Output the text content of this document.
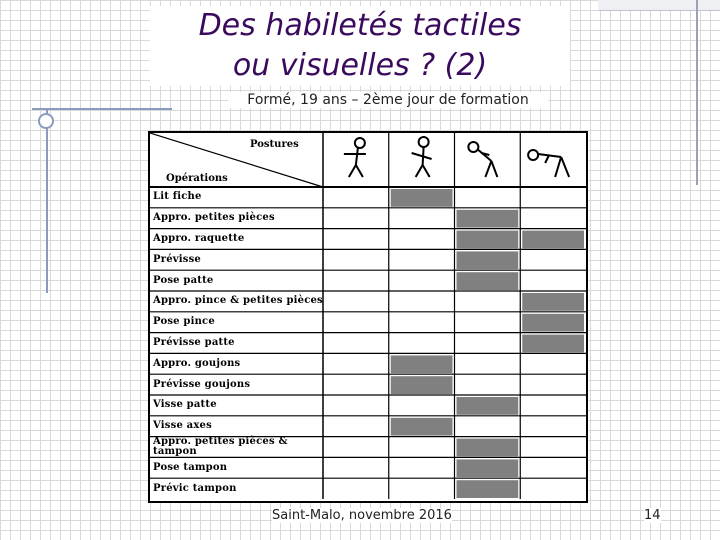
Des habiletés tactiles
ou visuelles ? (2)
Formé, 19 ans – 2ème jour de formation
Postures
Opérations
Lit fiche
Appro. petites pièces
Appro. raquette
Prévisse
Pose patte
Appro. pince & petites pièces
Pose pince
Prévisse patte
Appro. goujons
Prévisse goujons
Visse patte
Visse axes
Appro. petites pièces & tampon
Pose tampon
Prévic tampon
Saint-Malo, novembre 2016	14
